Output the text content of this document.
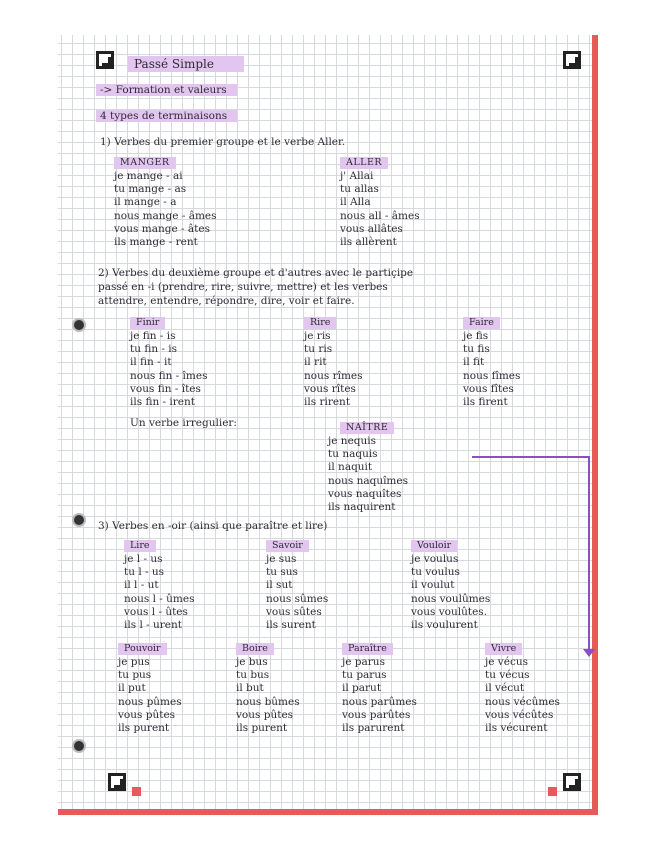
Passé Simple
-> Formation et valeurs
4 types de terminaisons
1) Verbes du premier groupe et le verbe Aller.
MANGER
je mange - ai
tu mange - as
il mange - a
nous mange - âmes
vous mange - âtes
ils mange - rent
ALLER
j' Allai
tu allas
il Alla
nous all - âmes
vous allâtes
ils allèrent
2) Verbes du deuxième groupe et d'autres avec le partiçipe
passé en -i (prendre, rire, suivre, mettre) et les verbes
attendre, entendre, répondre, dire, voir et faire.
Finir
je fin - is
tu fin - is
il fin - it
nous fin - îmes
vous fin - îtes
ils fin - irent
Rire
je ris
tu ris
il rit
nous rîmes
vous rîtes
ils rirent
Faire
je fis
tu fis
il fit
nous fîmes
vous fîtes
ils firent
Un verbe irregulier:	NAÎTRE
je nequis
tu naquis
il naquit
nous naquîmes
vous naquîtes
ils naquirent
3) Verbes en -oir (ainsi que paraître et lire)
Lire
je l - us
tu l - us
il l - ut
nous l - ûmes
vous l - ûtes
ils l - urent
Savoir
je sus
tu sus
il sut
nous sûmes
vous sûtes
ils surent
Vouloir
je voulus
tu voulus
il voulut
nous voulûmes
vous voulûtes.
ils voulurent
Pouvoir
je pus
tu pus
il put
nous pûmes
vous pûtes
ils purent
Boire
je bus
tu bus
il but
nous bûmes
vous pûtes
ils purent
Paraître
je parus
tu parus
il parut
nous parûmes
vous parûtes
ils parurent
Vivre
je vécus
tu vécus
il vécut
nous vécûmes
vous vécûtes
ils vécurent
